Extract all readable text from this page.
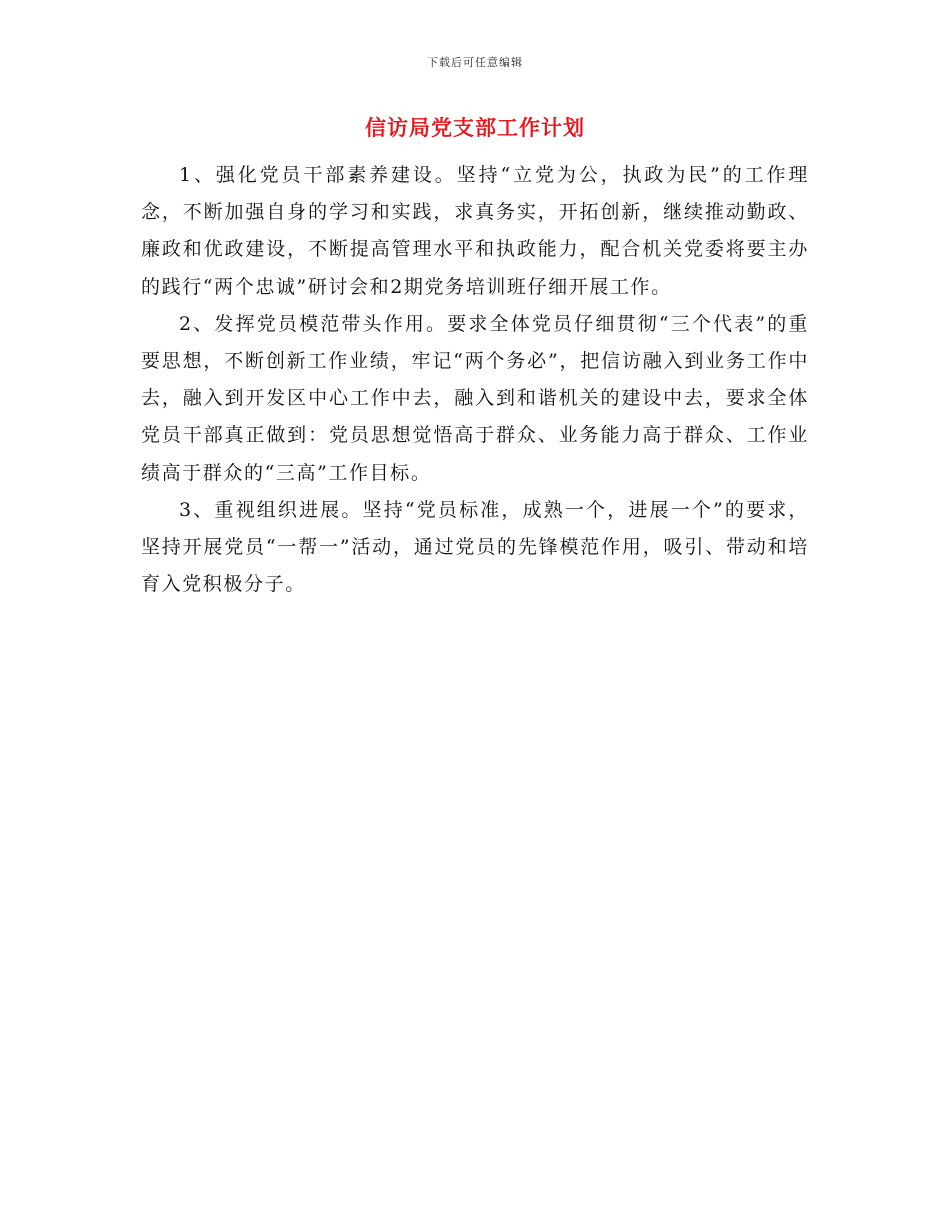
下载后可任意编辑
信访局党支部工作计划

1、强化党员干部素养建设。坚持“立党为公，执政为民”的工作理念，不断加强自身的学习和实践，求真务实，开拓创新，继续推动勤政、廉政和优政建设，不断提高管理水平和执政能力，配合机关党委将要主办的践行“两个忠诚”研讨会和2期党务培训班仔细开展工作。

2、发挥党员模范带头作用。要求全体党员仔细贯彻“三个代表”的重要思想，不断创新工作业绩，牢记“两个务必”，把信访融入到业务工作中去，融入到开发区中心工作中去，融入到和谐机关的建设中去，要求全体党员干部真正做到：党员思想觉悟高于群众、业务能力高于群众、工作业绩高于群众的“三高”工作目标。

3、重视组织进展。坚持“党员标准，成熟一个，进展一个”的要求，坚持开展党员“一帮一”活动，通过党员的先锋模范作用，吸引、带动和培育入党积极分子。
